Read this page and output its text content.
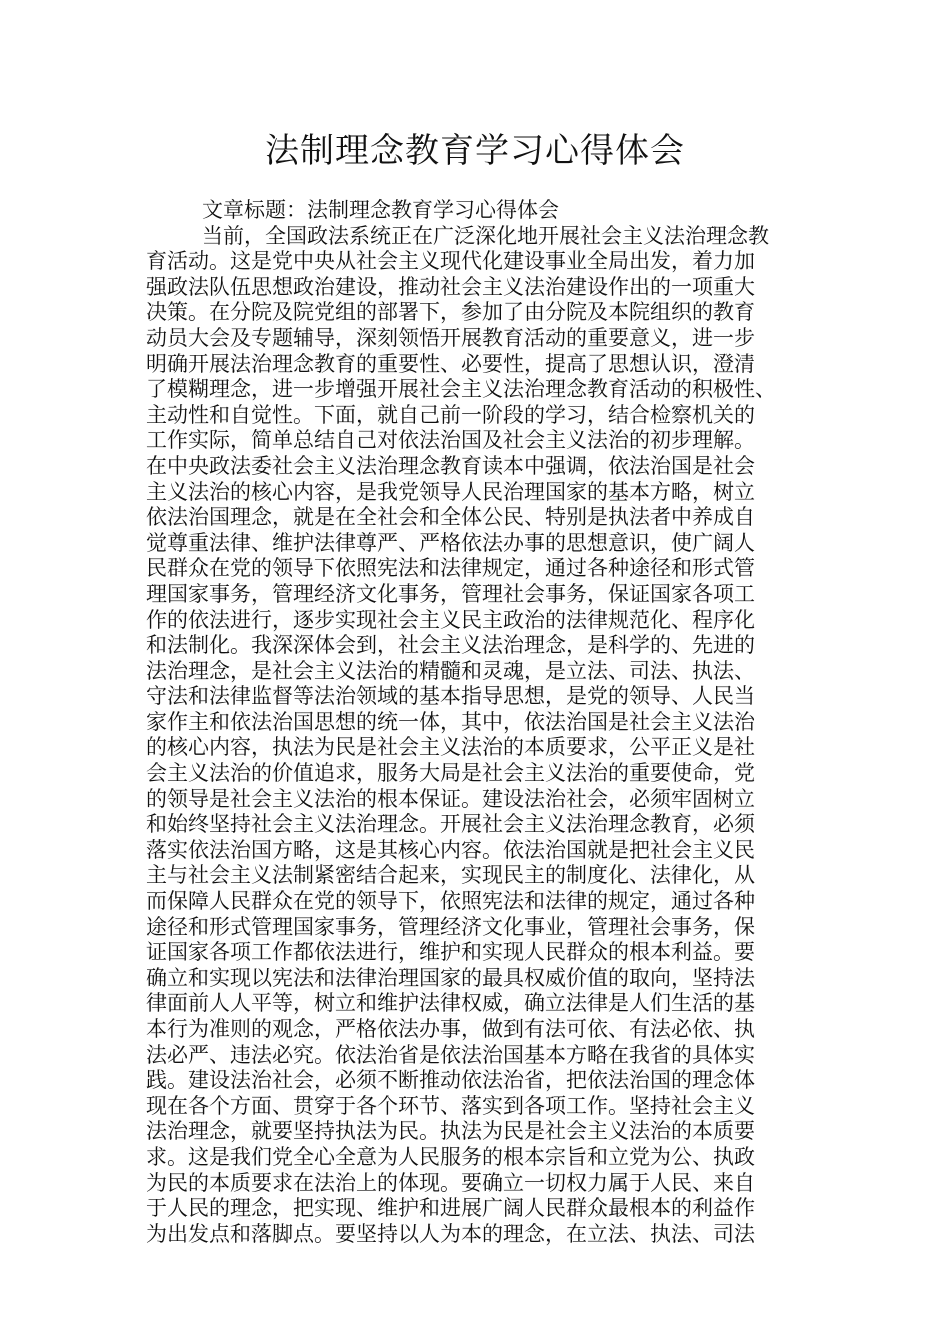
法制理念教育学习心得体会
文章标题：法制理念教育学习心得体会
当前，全国政法系统正在广泛深化地开展社会主义法治理念教
育活动。这是党中央从社会主义现代化建设事业全局出发，着力加
强政法队伍思想政治建设，推动社会主义法治建设作出的一项重大
决策。在分院及院党组的部署下，参加了由分院及本院组织的教育
动员大会及专题辅导，深刻领悟开展教育活动的重要意义，进一步
明确开展法治理念教育的重要性、必要性，提高了思想认识，澄清
了模糊理念，进一步增强开展社会主义法治理念教育活动的积极性、
主动性和自觉性。下面，就自己前一阶段的学习，结合检察机关的
工作实际，简单总结自己对依法治国及社会主义法治的初步理解。
在中央政法委社会主义法治理念教育读本中强调，依法治国是社会
主义法治的核心内容，是我党领导人民治理国家的基本方略，树立
依法治国理念，就是在全社会和全体公民、特别是执法者中养成自
觉尊重法律、维护法律尊严、严格依法办事的思想意识，使广阔人
民群众在党的领导下依照宪法和法律规定，通过各种途径和形式管
理国家事务，管理经济文化事务，管理社会事务，保证国家各项工
作的依法进行，逐步实现社会主义民主政治的法律规范化、程序化
和法制化。我深深体会到，社会主义法治理念，是科学的、先进的
法治理念，是社会主义法治的精髓和灵魂，是立法、司法、执法、
守法和法律监督等法治领域的基本指导思想，是党的领导、人民当
家作主和依法治国思想的统一体，其中，依法治国是社会主义法治
的核心内容，执法为民是社会主义法治的本质要求，公平正义是社
会主义法治的价值追求，服务大局是社会主义法治的重要使命，党
的领导是社会主义法治的根本保证。建设法治社会，必须牢固树立
和始终坚持社会主义法治理念。开展社会主义法治理念教育，必须
落实依法治国方略，这是其核心内容。依法治国就是把社会主义民
主与社会主义法制紧密结合起来，实现民主的制度化、法律化，从
而保障人民群众在党的领导下，依照宪法和法律的规定，通过各种
途径和形式管理国家事务，管理经济文化事业，管理社会事务，保
证国家各项工作都依法进行，维护和实现人民群众的根本利益。要
确立和实现以宪法和法律治理国家的最具权威价值的取向，坚持法
律面前人人平等，树立和维护法律权威，确立法律是人们生活的基
本行为准则的观念，严格依法办事，做到有法可依、有法必依、执
法必严、违法必究。依法治省是依法治国基本方略在我省的具体实
践。建设法治社会，必须不断推动依法治省，把依法治国的理念体
现在各个方面、贯穿于各个环节、落实到各项工作。坚持社会主义
法治理念，就要坚持执法为民。执法为民是社会主义法治的本质要
求。这是我们党全心全意为人民服务的根本宗旨和立党为公、执政
为民的本质要求在法治上的体现。要确立一切权力属于人民、来自
于人民的理念，把实现、维护和进展广阔人民群众最根本的利益作
为出发点和落脚点。要坚持以人为本的理念，在立法、执法、司法
